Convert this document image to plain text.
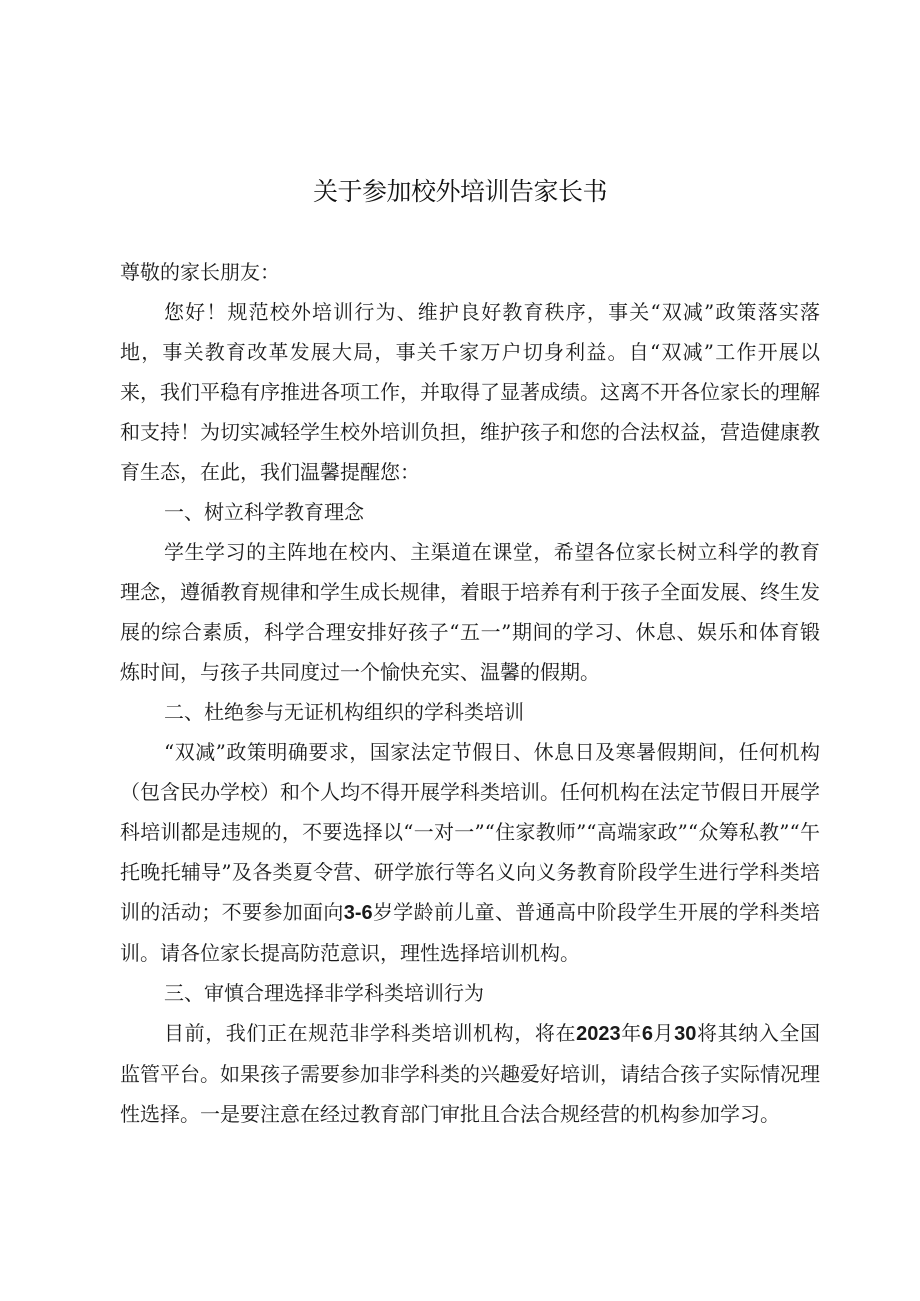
关于参加校外培训告家长书

尊敬的家长朋友：

您好！规范校外培训行为、维护良好教育秩序，事关“双减”政策落实落地，事关教育改革发展大局，事关千家万户切身利益。自“双减”工作开展以来，我们平稳有序推进各项工作，并取得了显著成绩。这离不开各位家长的理解和支持！为切实减轻学生校外培训负担，维护孩子和您的合法权益，营造健康教育生态，在此，我们温馨提醒您：

一、树立科学教育理念

学生学习的主阵地在校内、主渠道在课堂，希望各位家长树立科学的教育理念，遵循教育规律和学生成长规律，着眼于培养有利于孩子全面发展、终生发展的综合素质，科学合理安排好孩子“五一”期间的学习、休息、娱乐和体育锻炼时间，与孩子共同度过一个愉快充实、温馨的假期。

二、杜绝参与无证机构组织的学科类培训

“双减”政策明确要求，国家法定节假日、休息日及寒暑假期间，任何机构（包含民办学校）和个人均不得开展学科类培训。任何机构在法定节假日开展学科培训都是违规的，不要选择以“一对一”“住家教师”“高端家政”“众筹私教”“午托晚托辅导”及各类夏令营、研学旅行等名义向义务教育阶段学生进行学科类培训的活动；不要参加面向3-6岁学龄前儿童、普通高中阶段学生开展的学科类培训。请各位家长提高防范意识，理性选择培训机构。

三、审慎合理选择非学科类培训行为

目前，我们正在规范非学科类培训机构，将在2023年6月30将其纳入全国监管平台。如果孩子需要参加非学科类的兴趣爱好培训，请结合孩子实际情况理性选择。一是要注意在经过教育部门审批且合法合规经营的机构参加学习。
